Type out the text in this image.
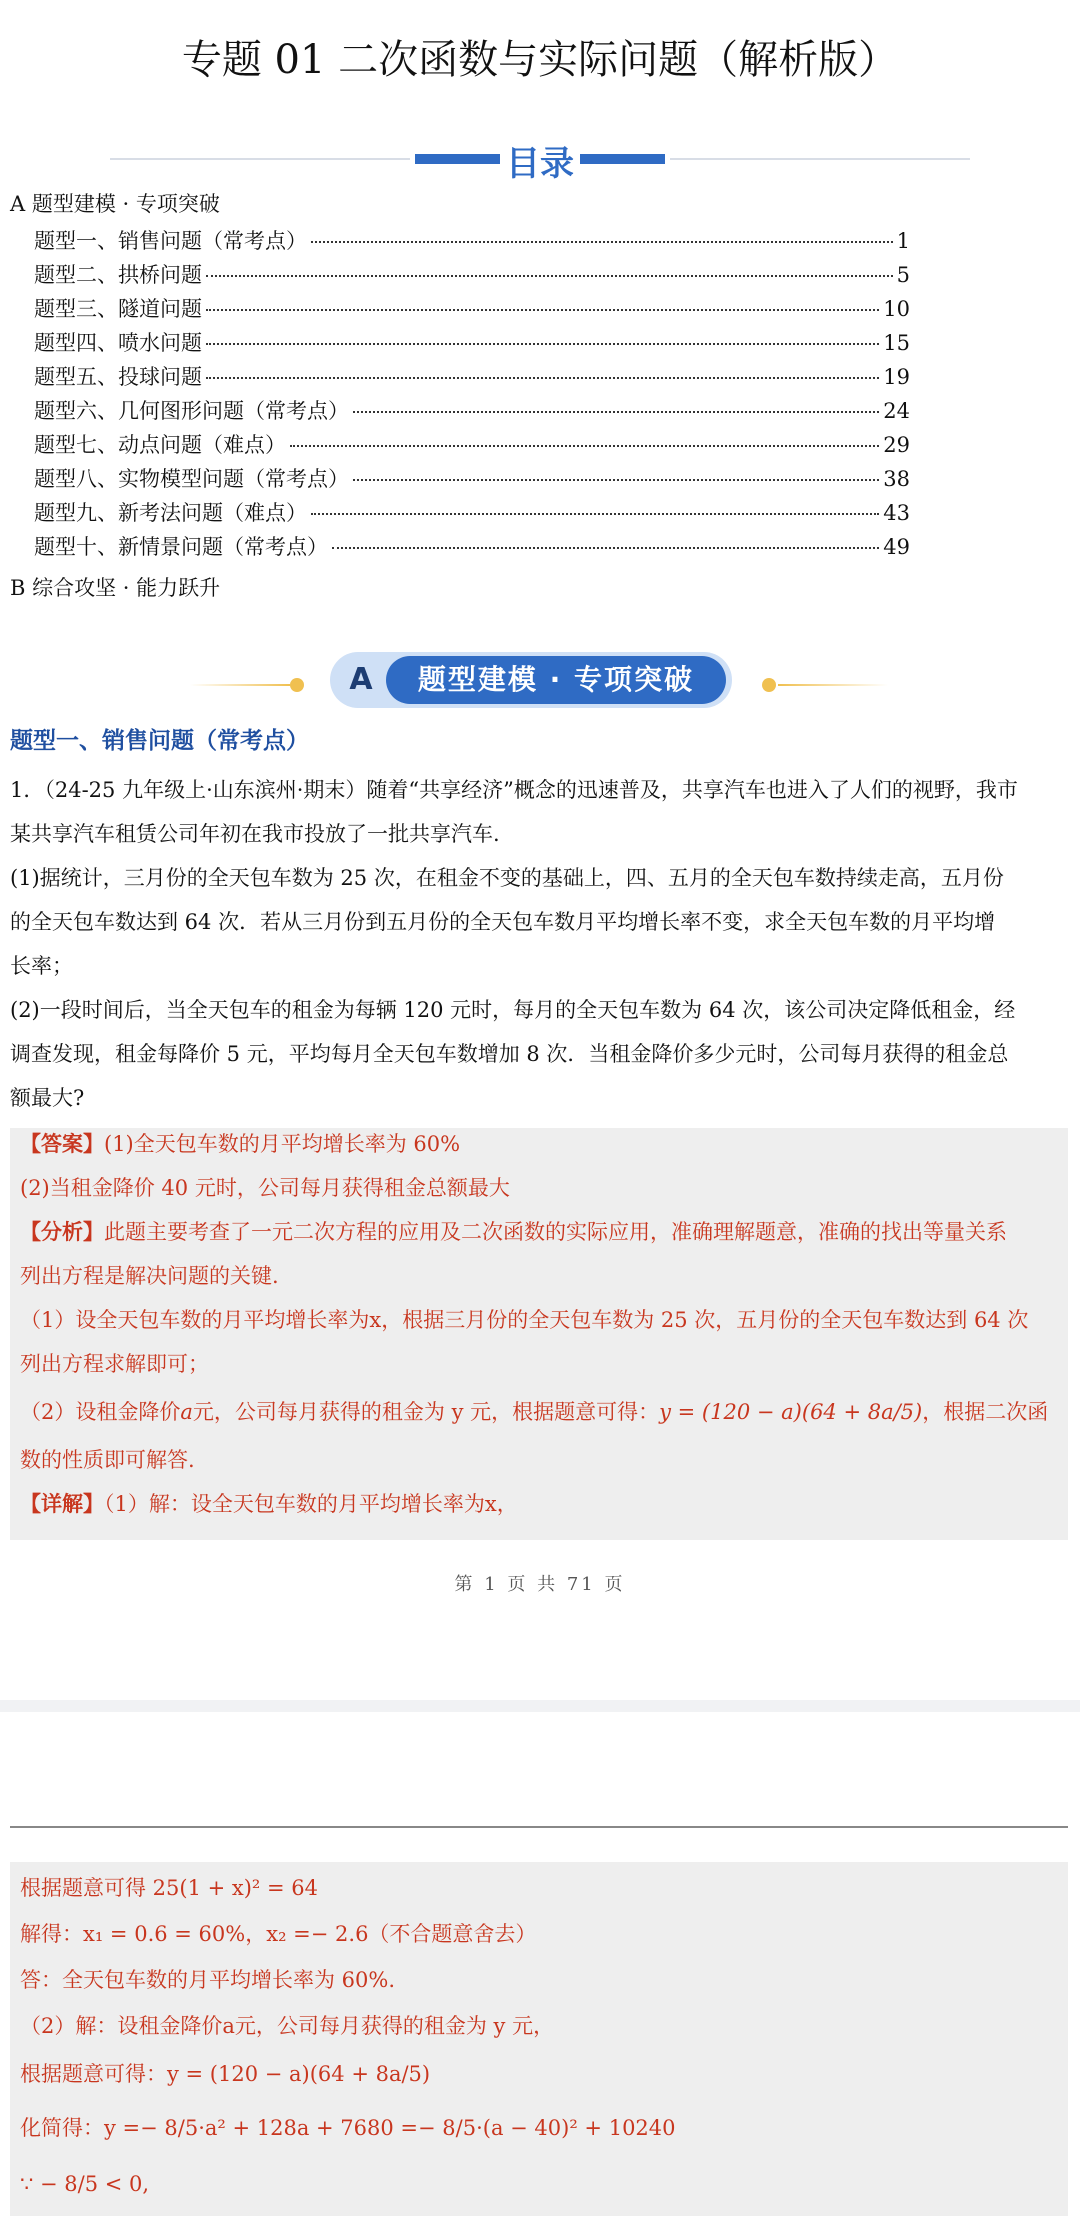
专题 01 二次函数与实际问题（解析版）
目录
A 题型建模 · 专项突破
题型一、销售问题（常考点）	1
题型二、拱桥问题	5
题型三、隧道问题	10
题型四、喷水问题	15
题型五、投球问题	19
题型六、几何图形问题（常考点）	24
题型七、动点问题（难点）	29
题型八、实物模型问题（常考点）	38
题型九、新考法问题（难点）	43
题型十、新情景问题（常考点）	49
B 综合攻坚 · 能力跃升
A	题型建模 · 专项突破
题型一、销售问题（常考点）
1．（24-25 九年级上·山东滨州·期末）随着“共享经济”概念的迅速普及，共享汽车也进入了人们的视野，我市
某共享汽车租赁公司年初在我市投放了一批共享汽车.
(1)据统计，三月份的全天包车数为 25 次，在租金不变的基础上，四、五月的全天包车数持续走高，五月份
的全天包车数达到 64 次．若从三月份到五月份的全天包车数月平均增长率不变，求全天包车数的月平均增
长率；
(2)一段时间后，当全天包车的租金为每辆 120 元时，每月的全天包车数为 64 次，该公司决定降低租金，经
调查发现，租金每降价 5 元，平均每月全天包车数增加 8 次．当租金降价多少元时，公司每月获得的租金总
额最大?
【答案】(1)全天包车数的月平均增长率为 60%
(2)当租金降价 40 元时，公司每月获得租金总额最大
【分析】此题主要考查了一元二次方程的应用及二次函数的实际应用，准确理解题意，准确的找出等量关系
列出方程是解决问题的关键.
（1）设全天包车数的月平均增长率为x，根据三月份的全天包车数为 25 次，五月份的全天包车数达到 64 次
列出方程求解即可；
（2）设租金降价a元，公司每月获得的租金为 y 元，根据题意可得：y = (120 − a)(64 + 8a/5)，根据二次函
数的性质即可解答.
【详解】（1）解：设全天包车数的月平均增长率为x，
第 1 页 共 71 页
根据题意可得 25(1 + x)² = 64
解得：x₁ = 0.6 = 60%，x₂ =− 2.6（不合题意舍去）
答：全天包车数的月平均增长率为 60%.
（2）解：设租金降价a元，公司每月获得的租金为 y 元，
根据题意可得：y = (120 − a)(64 + 8a/5)
化简得：y =− 8/5·a² + 128a + 7680 =− 8/5·(a − 40)² + 10240
∵ − 8/5 < 0,
